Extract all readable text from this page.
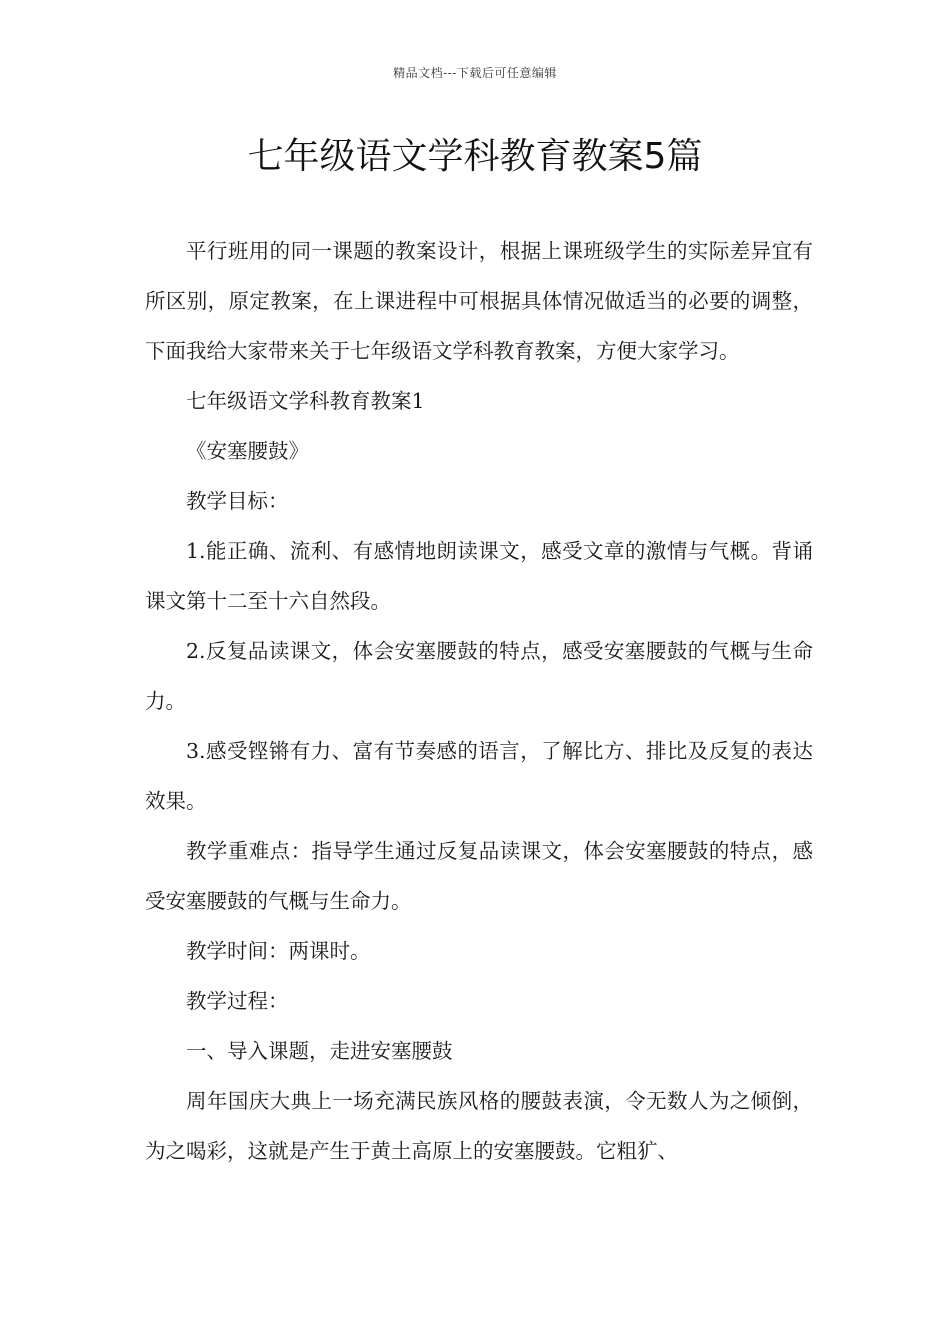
精品文档---下载后可任意编辑
七年级语文学科教育教案5篇

平行班用的同一课题的教案设计，根据上课班级学生的实际差异宜有所区别，原定教案，在上课进程中可根据具体情况做适当的必要的调整，下面我给大家带来关于七年级语文学科教育教案，方便大家学习。

七年级语文学科教育教案1

《安塞腰鼓》

教学目标：

1.能正确、流利、有感情地朗读课文，感受文章的激情与气概。背诵课文第十二至十六自然段。

2.反复品读课文，体会安塞腰鼓的特点，感受安塞腰鼓的气概与生命力。

3.感受铿锵有力、富有节奏感的语言，了解比方、排比及反复的表达效果。

教学重难点：指导学生通过反复品读课文，体会安塞腰鼓的特点，感受安塞腰鼓的气概与生命力。

教学时间：两课时。

教学过程：

一、导入课题，走进安塞腰鼓

周年国庆大典上一场充满民族风格的腰鼓表演，令无数人为之倾倒，为之喝彩，这就是产生于黄土高原上的安塞腰鼓。它粗犷、
